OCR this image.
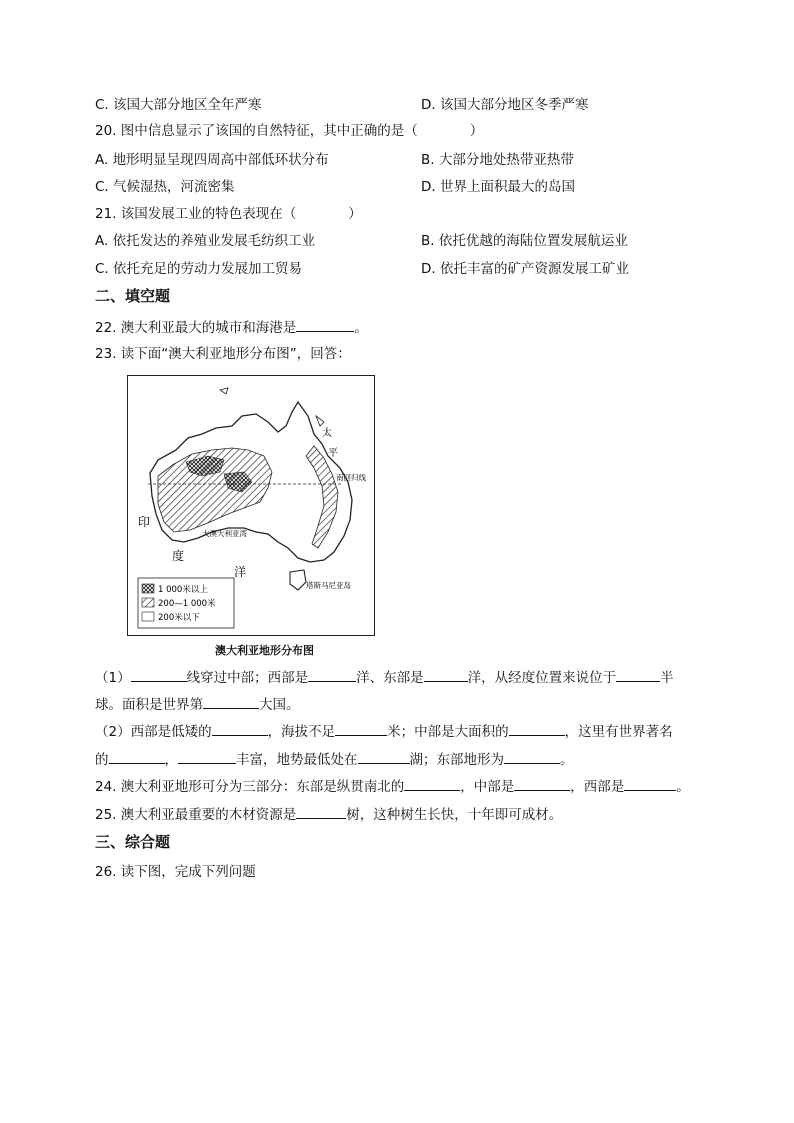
C. 该国大部分地区全年严寒	D. 该国大部分地区冬季严寒
20. 图中信息显示了该国的自然特征，其中正确的是（	）
A. 地形明显呈现四周高中部低环状分布	B. 大部分地处热带亚热带
C. 气候湿热，河流密集	D. 世界上面积最大的岛国
21. 该国发展工业的特色表现在（	）
A. 依托发达的养殖业发展毛纺织工业	B. 依托优越的海陆位置发展航运业
C. 依托充足的劳动力发展加工贸易	D. 依托丰富的矿产资源发展工矿业
二、填空题
22. 澳大利亚最大的城市和海港是	。
23. 读下面“澳大利亚地形分布图”，回答：
1 000米以上
200—1 000米
200米以下
印
度
洋
太
平
南回归线
大澳大利亚湾
塔斯马尼亚岛
澳大利亚地形分布图
（1）	线穿过中部；西部是	洋、东部是	洋，从经度位置来说位于	半
球。面积是世界第	大国。
（2）西部是低矮的	，海拔不足	米；中部是大面积的	，这里有世界著名
的	，	丰富，地势最低处在	湖；东部地形为	。
24. 澳大利亚地形可分为三部分：东部是纵贯南北的	，中部是	，西部是	。
25. 澳大利亚最重要的木材资源是	树，这种树生长快，十年即可成材。
三、综合题
26. 读下图，完成下列问题
